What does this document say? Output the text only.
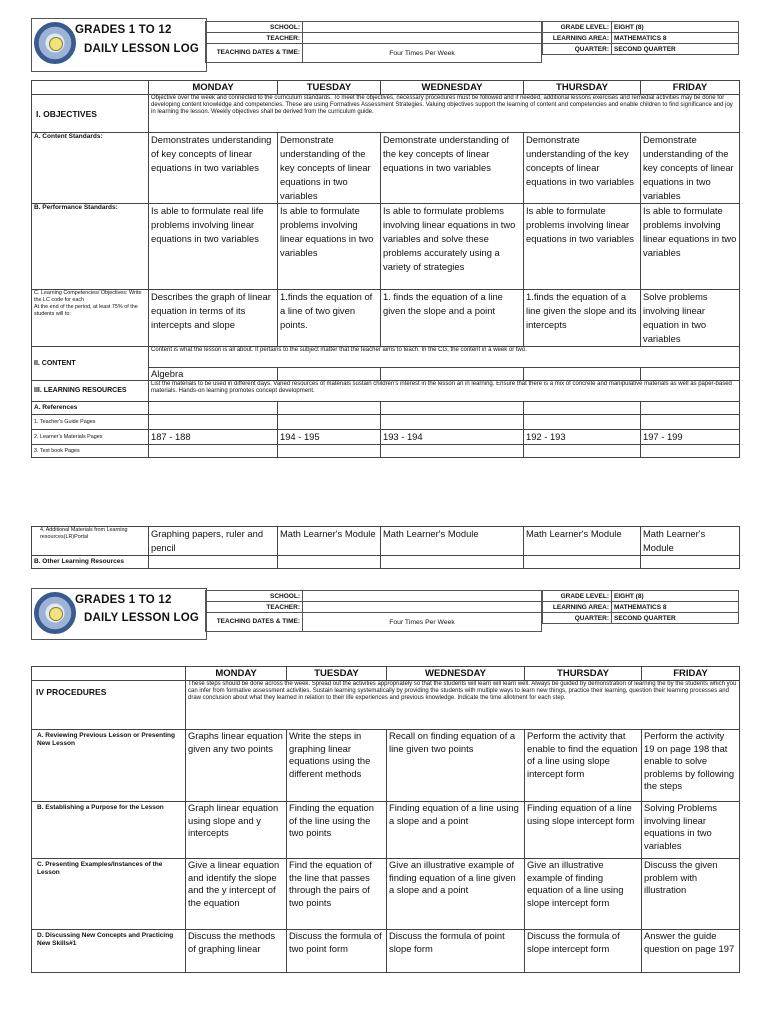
GRADES 1 TO 12
DAILY LESSON LOG
SCHOOL:	
TEACHER:	
TEACHING DATES & TIME:	Four Times Per Week
GRADE LEVEL:	EIGHT (8)
LEARNING AREA:	MATHEMATICS 8
QUARTER:	SECOND QUARTER
	MONDAY	TUESDAY	WEDNESDAY	THURSDAY	FRIDAY
I. OBJECTIVES	Objective over the week and connected to the curriculum standards. To meet the objectives, necessary procedures must be followed and if needed, additional lessons exercises and remedial activities may be done for developing content knowledge and competencies. These are using Formatives Assessment Strategies. Valuing objectives support the learning of content and competencies and enable children to find significance and joy in learning the lesson. Weekly objectives shall be derived from the curriculum guide.				
A. Content Standards:	Demonstrates understanding of key concepts of linear equations in two variables	Demonstrate understanding of the key concepts of linear equations in two variables	Demonstrate understanding of the key concepts of linear equations in two variables	Demonstrate understanding of the key concepts of linear equations in two variables	Demonstrate understanding of the key concepts of linear equations in two variables
B. Performance Standards:	Is able to formulate real life problems involving linear equations in two variables	Is able to formulate problems involving linear equations in two variables	Is able to formulate problems involving linear equations in two variables and solve these problems accurately using a variety of strategies	Is able to formulate problems involving linear equations in two variables	Is able to formulate problems involving linear equations in two variables

C. Learning Competencies/ Objectives: Write the LC code for each
At the end of the period, at least 75% of the students will to:	Describes the graph of linear equation in terms of its intercepts and slope	1.finds the equation of a line of two given points.	1. finds the equation of a line given the slope and a point	1.finds the equation of a line given the slope and its intercepts	Solve problems involving linear equation in two variables
II. CONTENT	Content is what the lesson is all about. It pertains to the subject matter that the teacher aims to teach. In the CG, the content in a week or two.				
	Algebra				
III. LEARNING RESOURCES	List the materials to be used in different days. Varied resources of materials sustain children's interest in the lesson an in learning. Ensure that there is a mix of concrete and manipulative materials as well as paper-based materials. Hands-on learning promotes concept development.				
A. References					
1. Teacher's Guide Pages					
2. Learner's Materials Pages	187 - 188	194 - 195	193 - 194	192 - 193	197 - 199
3. Text book Pages					
4. Additional Materials from Learning resources(LR)Portal	Graphing papers, ruler and pencil	Math Learner's Module	Math Learner's Module	Math Learner's Module	Math Learner's Module
B. Other Learning Resources					
GRADES 1 TO 12
DAILY LESSON LOG
SCHOOL:	
TEACHER:	
TEACHING DATES & TIME:	Four Times Per Week
GRADE LEVEL:	EIGHT (8)
LEARNING AREA:	MATHEMATICS 8
QUARTER:	SECOND QUARTER
	MONDAY	TUESDAY	WEDNESDAY	THURSDAY	FRIDAY
IV PROCEDURES	These steps should be done across the week. Spread out the activities appropriately so that the students will learn will learn well. Always be guided by demonstration of learning the by the students which you can infer from formative assessment activities. Sustain learning systematically by providing the students with multiple ways to learn new things, practice their learning, question their learning processes and draw conclusion about what they learned in relation to their life experiences and previous knowledge. Indicate the time allotment for each step.				
A. Reviewing Previous Lesson or Presenting New Lesson	Graphs linear equation given any two points	Write the steps in graphing linear equations using the different methods	Recall on finding equation of a line given two points	Perform the activity that enable to find the equation of a line using slope intercept form	Perform the activity 19 on page 198 that enable to solve problems by following the steps
B. Establishing a Purpose for the Lesson	Graph linear equation using slope and y intercepts	Finding the equation of the line using the two points	Finding equation of a line using a slope and a point	Finding equation of a line using slope intercept form	Solving Problems involving linear equations in two variables
C. Presenting Examples/Instances of the Lesson	Give a linear equation and identify the slope and the y intercept of the equation	Find the equation of the line that passes through the pairs of two points	Give an illustrative example of finding equation of a line given a slope and a point	Give an illustrative example of finding equation of a line using slope intercept form	Discuss the given problem with illustration
D. Discussing New Concepts and Practicing New Skills#1	Discuss the methods of graphing linear	Discuss the formula of two point form	Discuss the formula of point slope form	Discuss the formula of slope intercept form	Answer the guide question on page 197
